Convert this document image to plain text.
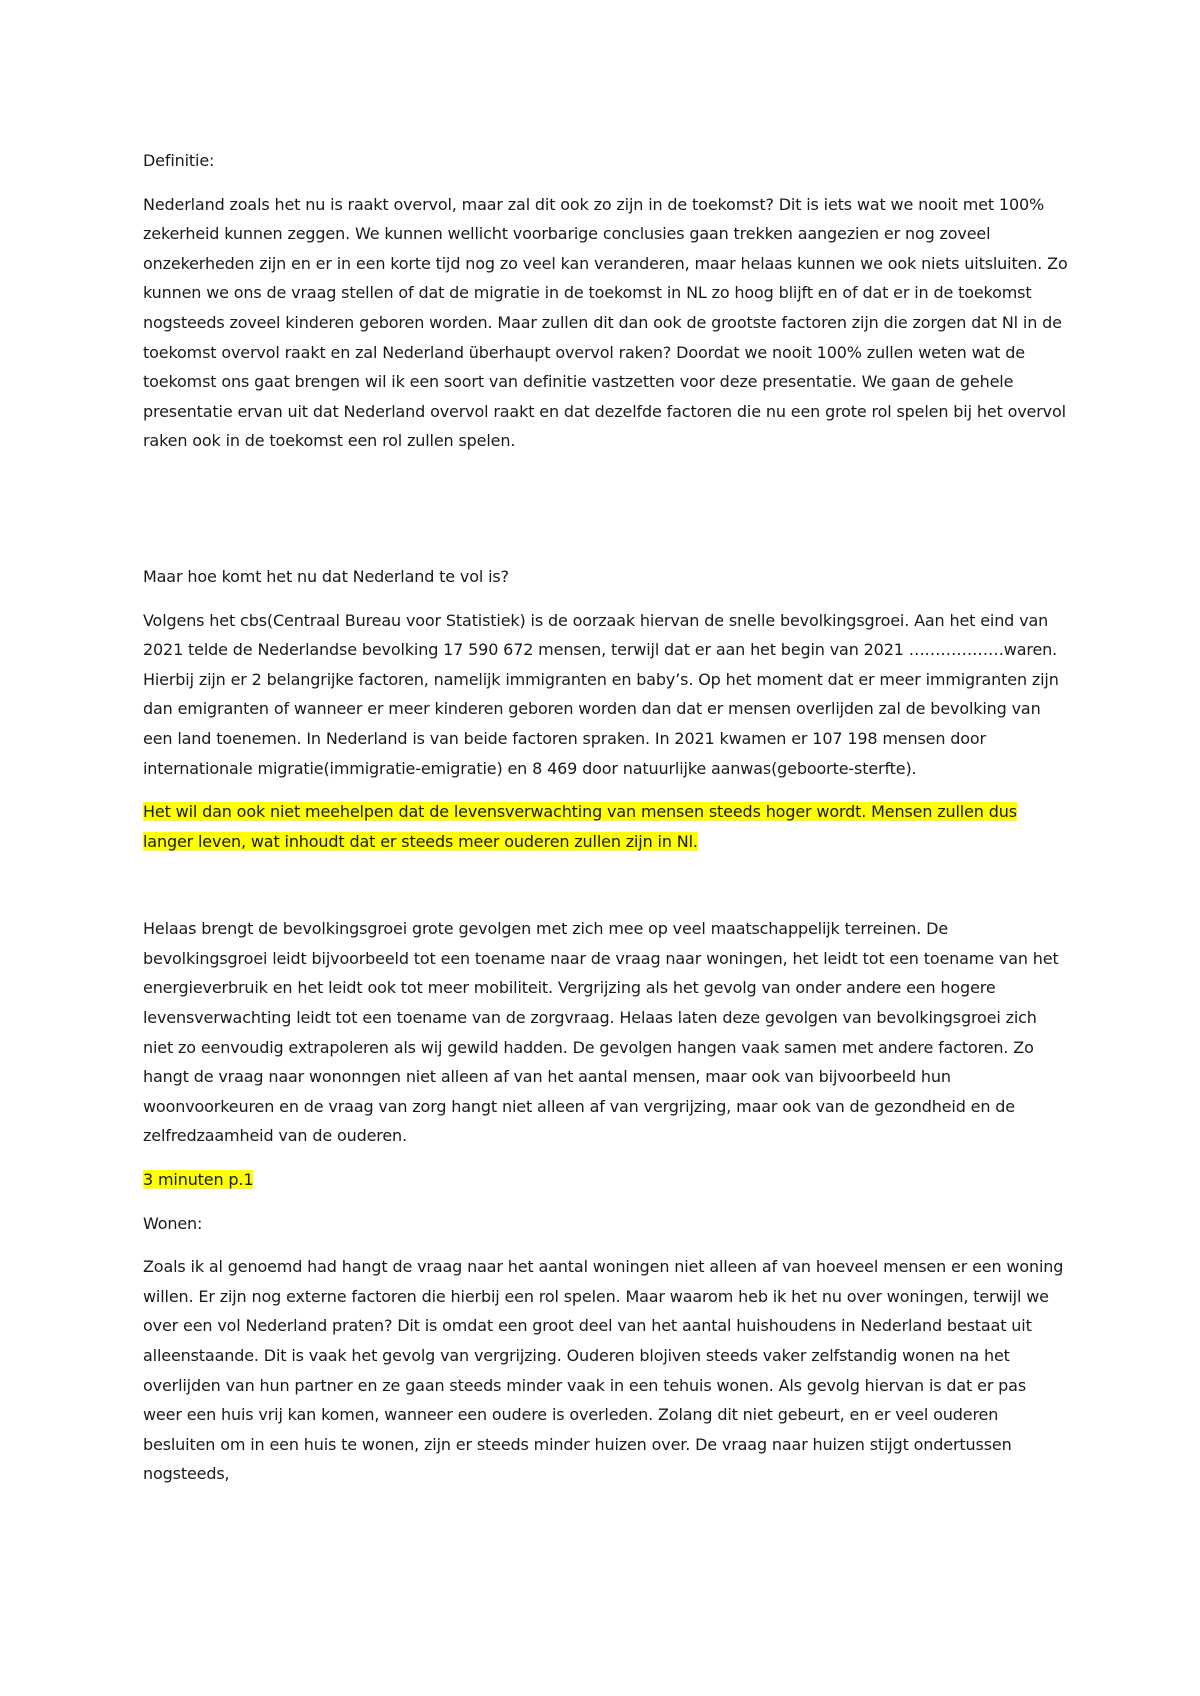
Definitie:

Nederland zoals het nu is raakt overvol, maar zal dit ook zo zijn in de toekomst? Dit is iets wat we nooit met 100% zekerheid kunnen zeggen. We kunnen wellicht voorbarige conclusies gaan trekken aangezien er nog zoveel onzekerheden zijn en er in een korte tijd nog zo veel kan veranderen, maar helaas kunnen we ook niets uitsluiten. Zo kunnen we ons de vraag stellen of dat de migratie in de toekomst in NL zo hoog blijft en of dat er in de toekomst nogsteeds zoveel kinderen geboren worden. Maar zullen dit dan ook de grootste factoren zijn die zorgen dat Nl in de toekomst overvol raakt en zal Nederland überhaupt overvol raken? Doordat we nooit 100% zullen weten wat de toekomst ons gaat brengen wil ik een soort van definitie vastzetten voor deze presentatie. We gaan de gehele presentatie ervan uit dat Nederland overvol raakt en dat dezelfde factoren die nu een grote rol spelen bij het overvol raken ook in de toekomst een rol zullen spelen.

Maar hoe komt het nu dat Nederland te vol is?

Volgens het cbs(Centraal Bureau voor Statistiek) is de oorzaak hiervan de snelle bevolkingsgroei. Aan het eind van 2021 telde de Nederlandse bevolking 17 590 672 mensen, terwijl dat er aan het begin van 2021 ………………waren. Hierbij zijn er 2 belangrijke factoren, namelijk immigranten en baby’s. Op het moment dat er meer immigranten zijn dan emigranten of wanneer er meer kinderen geboren worden dan dat er mensen overlijden zal de bevolking van een land toenemen. In Nederland is van beide factoren spraken. In 2021 kwamen er 107 198 mensen door internationale migratie(immigratie-emigratie) en 8 469 door natuurlijke aanwas(geboorte-sterfte).

Het wil dan ook niet meehelpen dat de levensverwachting van mensen steeds hoger wordt. Mensen zullen dus langer leven, wat inhoudt dat er steeds meer ouderen zullen zijn in Nl.

Helaas brengt de bevolkingsgroei grote gevolgen met zich mee op veel maatschappelijk terreinen. De bevolkingsgroei leidt bijvoorbeeld tot een toename naar de vraag naar woningen, het leidt tot een toename van het energieverbruik en het leidt ook tot meer mobiliteit. Vergrijzing als het gevolg van onder andere een hogere levensverwachting leidt tot een toename van de zorgvraag. Helaas laten deze gevolgen van bevolkingsgroei zich niet zo eenvoudig extrapoleren als wij gewild hadden. De gevolgen hangen vaak samen met andere factoren. Zo hangt de vraag naar wononngen niet alleen af van het aantal mensen, maar ook van bijvoorbeeld hun woonvoorkeuren en de vraag van zorg hangt niet alleen af van vergrijzing, maar ook van de gezondheid en de zelfredzaamheid van de ouderen.

3 minuten p.1

Wonen:

Zoals ik al genoemd had hangt de vraag naar het aantal woningen niet alleen af van hoeveel mensen er een woning willen. Er zijn nog externe factoren die hierbij een rol spelen. Maar waarom heb ik het nu over woningen, terwijl we over een vol Nederland praten? Dit is omdat een groot deel van het aantal huishoudens in Nederland bestaat uit alleenstaande. Dit is vaak het gevolg van vergrijzing. Ouderen blojiven steeds vaker zelfstandig wonen na het overlijden van hun partner en ze gaan steeds minder vaak in een tehuis wonen. Als gevolg hiervan is dat er pas weer een huis vrij kan komen, wanneer een oudere is overleden. Zolang dit niet gebeurt, en er veel ouderen besluiten om in een huis te wonen, zijn er steeds minder huizen over. De vraag naar huizen stijgt ondertussen nogsteeds,
